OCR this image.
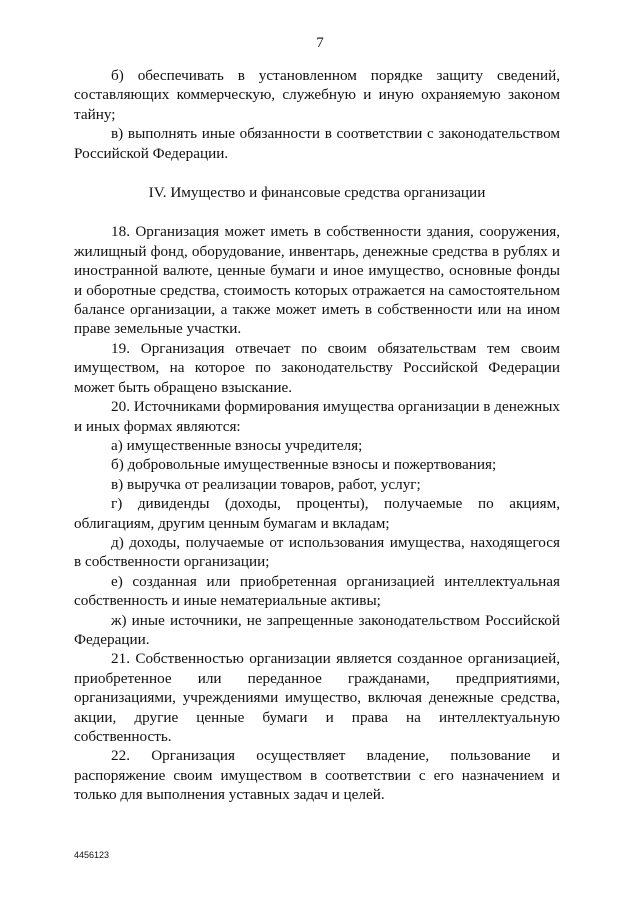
7

б) обеспечивать в установленном порядке защиту сведений, составляющих коммерческую, служебную и иную охраняемую законом тайну;

в) выполнять иные обязанности в соответствии с законодательством Российской Федерации.

IV. Имущество и финансовые средства организации

18. Организация может иметь в собственности здания, сооружения, жилищный фонд, оборудование, инвентарь, денежные средства в рублях и иностранной валюте, ценные бумаги и иное имущество, основные фонды и оборотные средства, стоимость которых отражается на самостоятельном балансе организации, а также может иметь в собственности или на ином праве земельные участки.

19. Организация отвечает по своим обязательствам тем своим имуществом, на которое по законодательству Российской Федерации может быть обращено взыскание.

20. Источниками формирования имущества организации в денежных и иных формах являются:

а) имущественные взносы учредителя;

б) добровольные имущественные взносы и пожертвования;

в) выручка от реализации товаров, работ, услуг;

г) дивиденды (доходы, проценты), получаемые по акциям, облигациям, другим ценным бумагам и вкладам;

д) доходы, получаемые от использования имущества, находящегося в собственности организации;

е) созданная или приобретенная организацией интеллектуальная собственность и иные нематериальные активы;

ж) иные источники, не запрещенные законодательством Российской Федерации.

21. Собственностью организации является созданное организацией, приобретенное или переданное гражданами, предприятиями, организациями, учреждениями имущество, включая денежные средства, акции, другие ценные бумаги и права на интеллектуальную собственность.

22. Организация осуществляет владение, пользование и распоряжение своим имуществом в соответствии с его назначением и только для выполнения уставных задач и целей.

4456123
